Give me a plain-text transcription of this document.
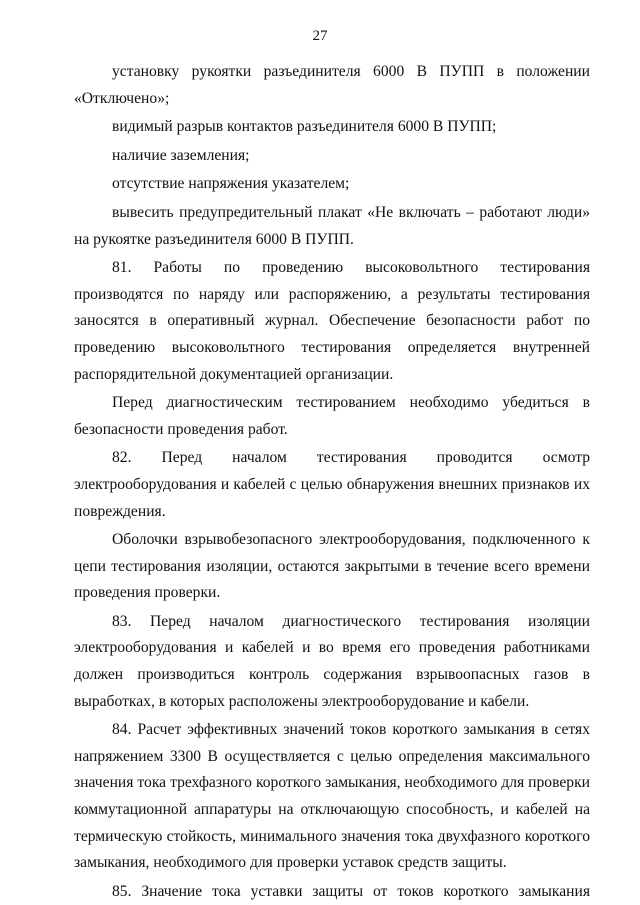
27

установку рукоятки разъединителя 6000 В ПУПП в положении «Отключено»;

видимый разрыв контактов разъединителя 6000 В ПУПП;

наличие заземления;

отсутствие напряжения указателем;

вывесить предупредительный плакат «Не включать – работают люди» на рукоятке разъединителя 6000 В ПУПП.

81. Работы по проведению высоковольтного тестирования производятся по наряду или распоряжению, а результаты тестирования заносятся в оперативный журнал. Обеспечение безопасности работ по проведению высоковольтного тестирования определяется внутренней распорядительной документацией организации.

Перед диагностическим тестированием необходимо убедиться в безопасности проведения работ.

82. Перед началом тестирования проводится осмотр электрооборудования и кабелей с целью обнаружения внешних признаков их повреждения.

Оболочки взрывобезопасного электрооборудования, подключенного к цепи тестирования изоляции, остаются закрытыми в течение всего времени проведения проверки.

83. Перед началом диагностического тестирования изоляции электрооборудования и кабелей и во время его проведения работниками должен производиться контроль содержания взрывоопасных газов в выработках, в которых расположены электрооборудование и кабели.

84. Расчет эффективных значений токов короткого замыкания в сетях напряжением 3300 В осуществляется с целью определения максимального значения тока трехфазного короткого замыкания, необходимого для проверки коммутационной аппаратуры на отключающую способность, и кабелей на термическую стойкость, минимального значения тока двухфазного короткого замыкания, необходимого для проверки уставок средств защиты.

85. Значение тока уставки защиты от токов короткого замыкания
